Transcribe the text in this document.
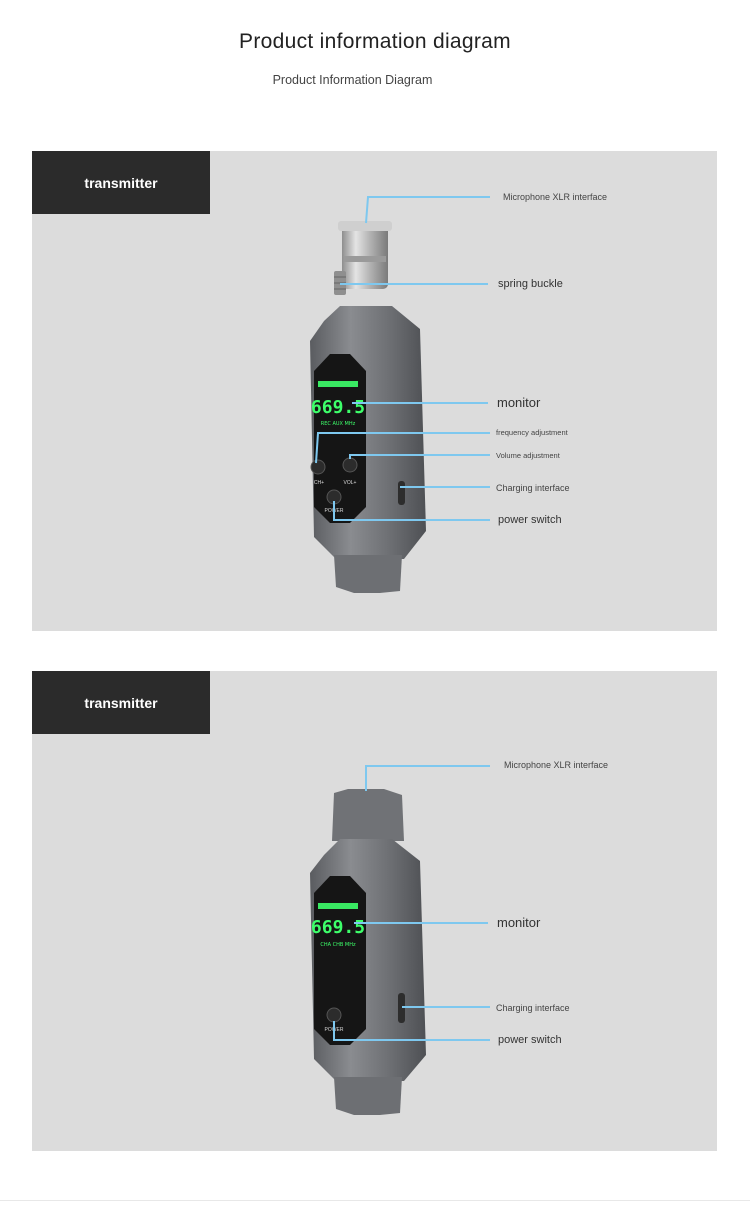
Product information diagram
Product Information Diagram
transmitter
669.5
REC AUX MHz
CH+	VOL+
POWER
Microphone XLR interface
spring buckle
monitor
frequency adjustment
Volume adjustment
Charging interface
power switch
transmitter
669.5
CHA CHB MHz
POWER
Microphone XLR interface
monitor
Charging interface
power switch
